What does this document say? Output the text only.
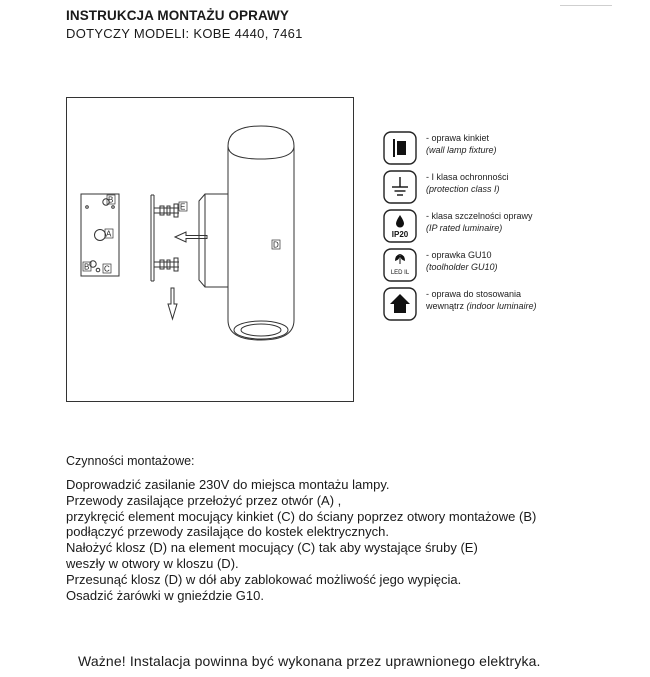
INSTRUKCJA MONTAŻU OPRAWY
DOTYCZY MODELI: KOBE 4440, 7461
B
A
B C
E
D
- oprawa kinkiet
(wall lamp fixture)
- I klasa ochronności
(protection class I)
IP20
- klasa szczelności oprawy
(IP rated luminaire)
LED IL
- oprawka GU10
(toolholder GU10)
- oprawa do stosowania
wewnątrz (indoor luminaire)
Czynności montażowe:
Doprowadzić zasilanie 230V do miejsca montażu lampy.
Przewody zasilające przełożyć przez otwór (A) ,
przykręcić element mocujący kinkiet (C) do ściany poprzez otwory montażowe (B)
podłączyć przewody zasilające do kostek elektrycznych.
Nałożyć klosz (D) na element mocujący (C) tak aby wystające śruby (E)
weszły w otwory w kloszu (D).
Przesunąć klosz (D) w dół aby zablokować możliwość jego wypięcia.
Osadzić żarówki w gnieździe G10.
Ważne! Instalacja powinna być wykonana przez uprawnionego elektryka.
